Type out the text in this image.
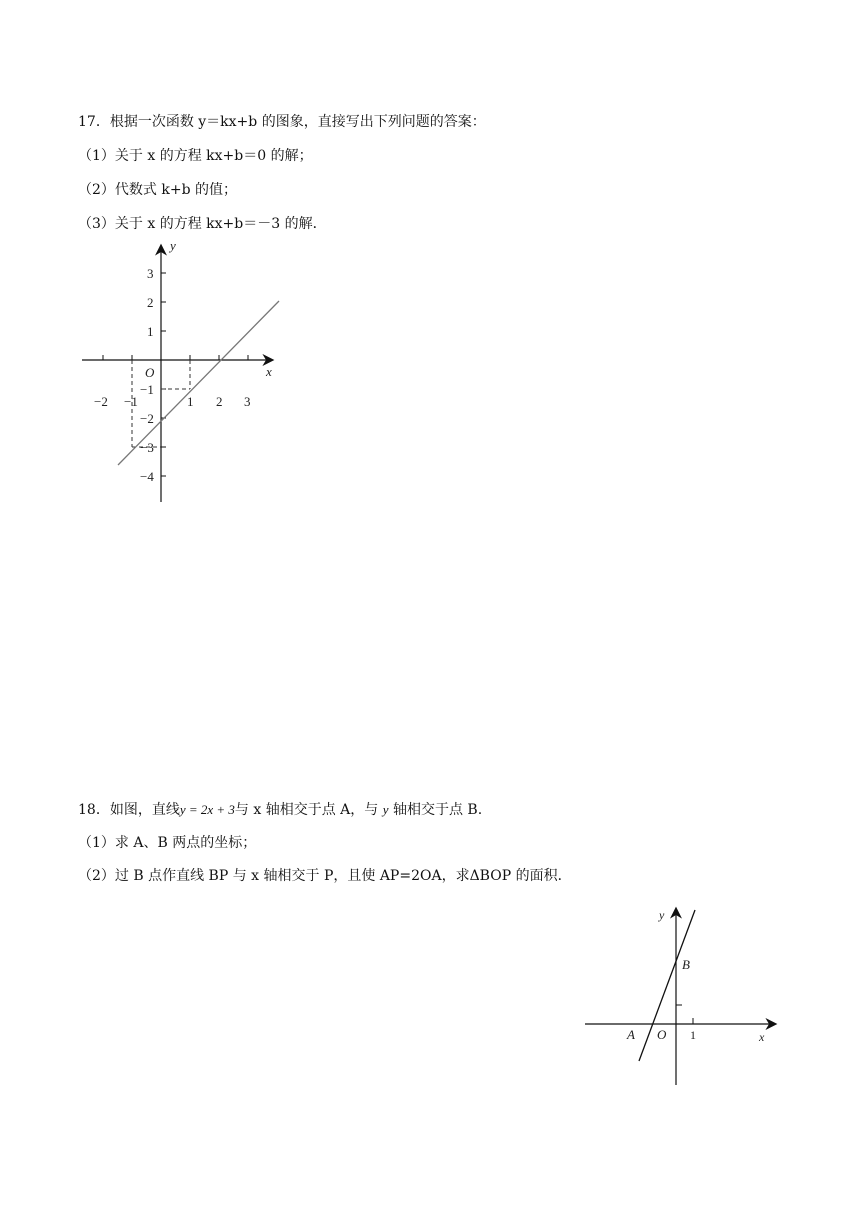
17．根据一次函数 y＝kx+b 的图象，直接写出下列问题的答案：
（1）关于 x 的方程 kx+b＝0 的解；
（2）代数式 k+b 的值；
（3）关于 x 的方程 kx+b＝－3 的解．
y
x
O
−2 −1	1 2 3
3
2
1
−1
−2
−3
−4
18．如图，直线y = 2x + 3与 x 轴相交于点 A，与 y 轴相交于点 B.
（1）求 A、B 两点的坐标；
（2）过 B 点作直线 BP 与 x 轴相交于 P，且使 AP=2OA，求ΔBOP 的面积．
y
x
O
A
B
1
